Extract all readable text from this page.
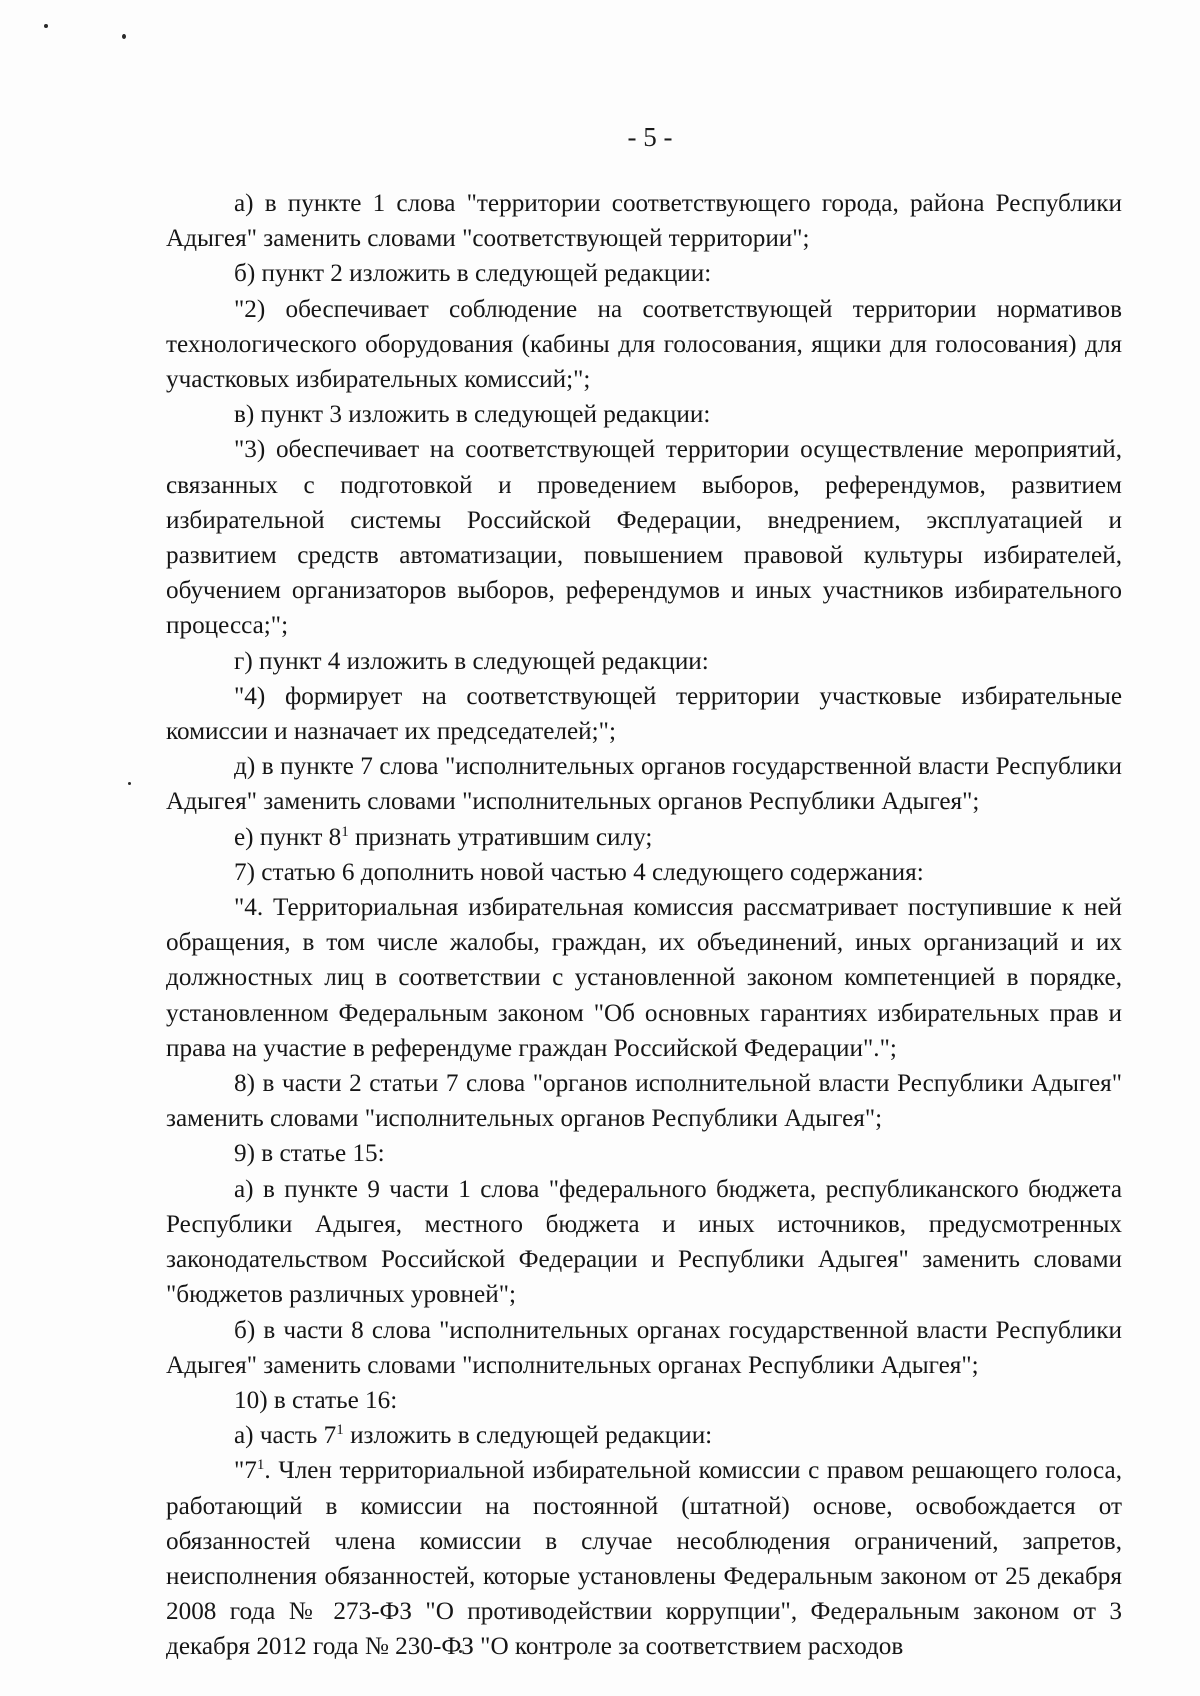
- 5 -

а) в пункте 1 слова "территории соответствующего города, района Республики Адыгея" заменить словами "соответствующей территории";

б) пункт 2 изложить в следующей редакции:

"2) обеспечивает соблюдение на соответствующей территории нормативов технологического оборудования (кабины для голосования, ящики для голосования) для участковых избирательных комиссий;";

в) пункт 3 изложить в следующей редакции:

"3) обеспечивает на соответствующей территории осуществление мероприятий, связанных с подготовкой и проведением выборов, референдумов, развитием избирательной системы Российской Федерации, внедрением, эксплуатацией и развитием средств автоматизации, повышением правовой культуры избирателей, обучением организаторов выборов, референдумов и иных участников избирательного процесса;";

г) пункт 4 изложить в следующей редакции:

"4) формирует на соответствующей территории участковые избирательные комиссии и назначает их председателей;";

д) в пункте 7 слова "исполнительных органов государственной власти Республики Адыгея" заменить словами "исполнительных органов Республики Адыгея";

е) пункт $8^1$ признать утратившим силу;

7) статью 6 дополнить новой частью 4 следующего содержания:

"4. Территориальная избирательная комиссия рассматривает поступившие к ней обращения, в том числе жалобы, граждан, их объединений, иных организаций и их должностных лиц в соответствии с установленной законом компетенцией в порядке, установленном Федеральным законом "Об основных гарантиях избирательных прав и права на участие в референдуме граждан Российской Федерации".";

8) в части 2 статьи 7 слова "органов исполнительной власти Республики Адыгея" заменить словами "исполнительных органов Республики Адыгея";

9) в статье 15:

а) в пункте 9 части 1 слова "федерального бюджета, республиканского бюджета Республики Адыгея, местного бюджета и иных источников, предусмотренных законодательством Российской Федерации и Республики Адыгея" заменить словами "бюджетов различных уровней";

б) в части 8 слова "исполнительных органах государственной власти Республики Адыгея" заменить словами "исполнительных органах Республики Адыгея";

10) в статье 16:

а) часть $7^1$ изложить в следующей редакции:

"$7^1$. Член территориальной избирательной комиссии с правом решающего голоса, работающий в комиссии на постоянной (штатной) основе, освобождается от обязанностей члена комиссии в случае несоблюдения ограничений, запретов, неисполнения обязанностей, которые установлены Федеральным законом от 25 декабря 2008 года № 273-ФЗ "О противодействии коррупции", Федеральным законом от 3 декабря 2012 года № 230-ФЗ "О контроле за соответствием расходов
